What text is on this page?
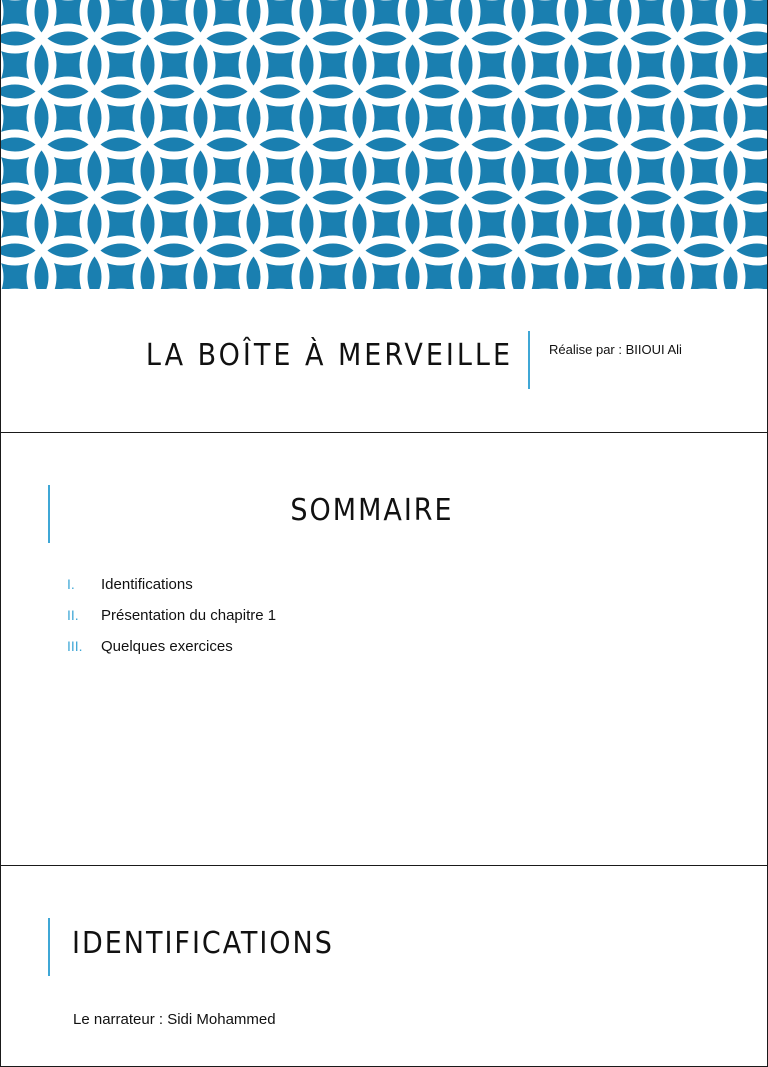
LA BOÎTE À MERVEILLE	Réalise par : BIIOUI Ali
SOMMAIRE
I.	Identifications
II.	Présentation du chapitre 1
III.	Quelques exercices
IDENTIFICATIONS
Le narrateur : Sidi Mohammed
